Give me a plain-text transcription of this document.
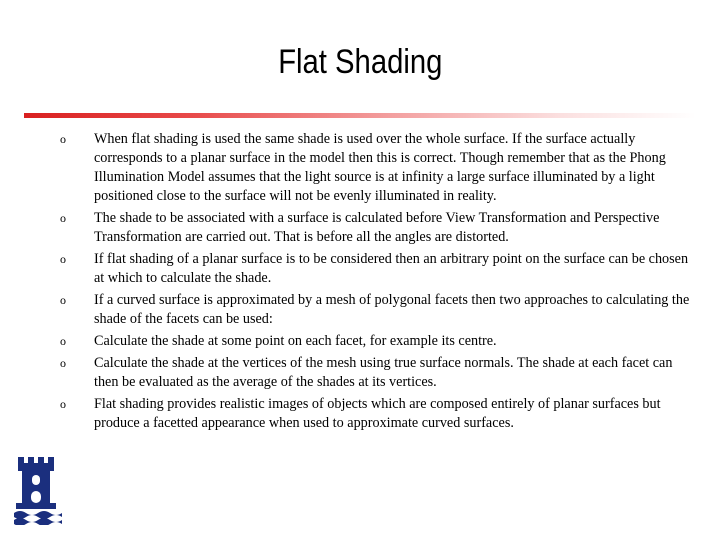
Flat Shading
o When flat shading is used the same shade is used over the whole surface. If the surface actually corresponds to a planar surface in the model then this is correct. Though remember that as the Phong Illumination Model assumes that the light source is at infinity a large surface illuminated by a light positioned close to the surface will not be evenly illuminated in reality.
o The shade to be associated with a surface is calculated before View Transformation and Perspective Transformation are carried out. That is before all the angles are distorted.
o If flat shading of a planar surface is to be considered then an arbitrary point on the surface can be chosen at which to calculate the shade.
o If a curved surface is approximated by a mesh of polygonal facets then two approaches to calculating the shade of the facets can be used:
o Calculate the shade at some point on each facet, for example its centre.
o Calculate the shade at the vertices of the mesh using true surface normals. The shade at each facet can then be evaluated as the average of the shades at its vertices.
o Flat shading provides realistic images of objects which are composed entirely of planar surfaces but produce a facetted appearance when used to approximate curved surfaces.
